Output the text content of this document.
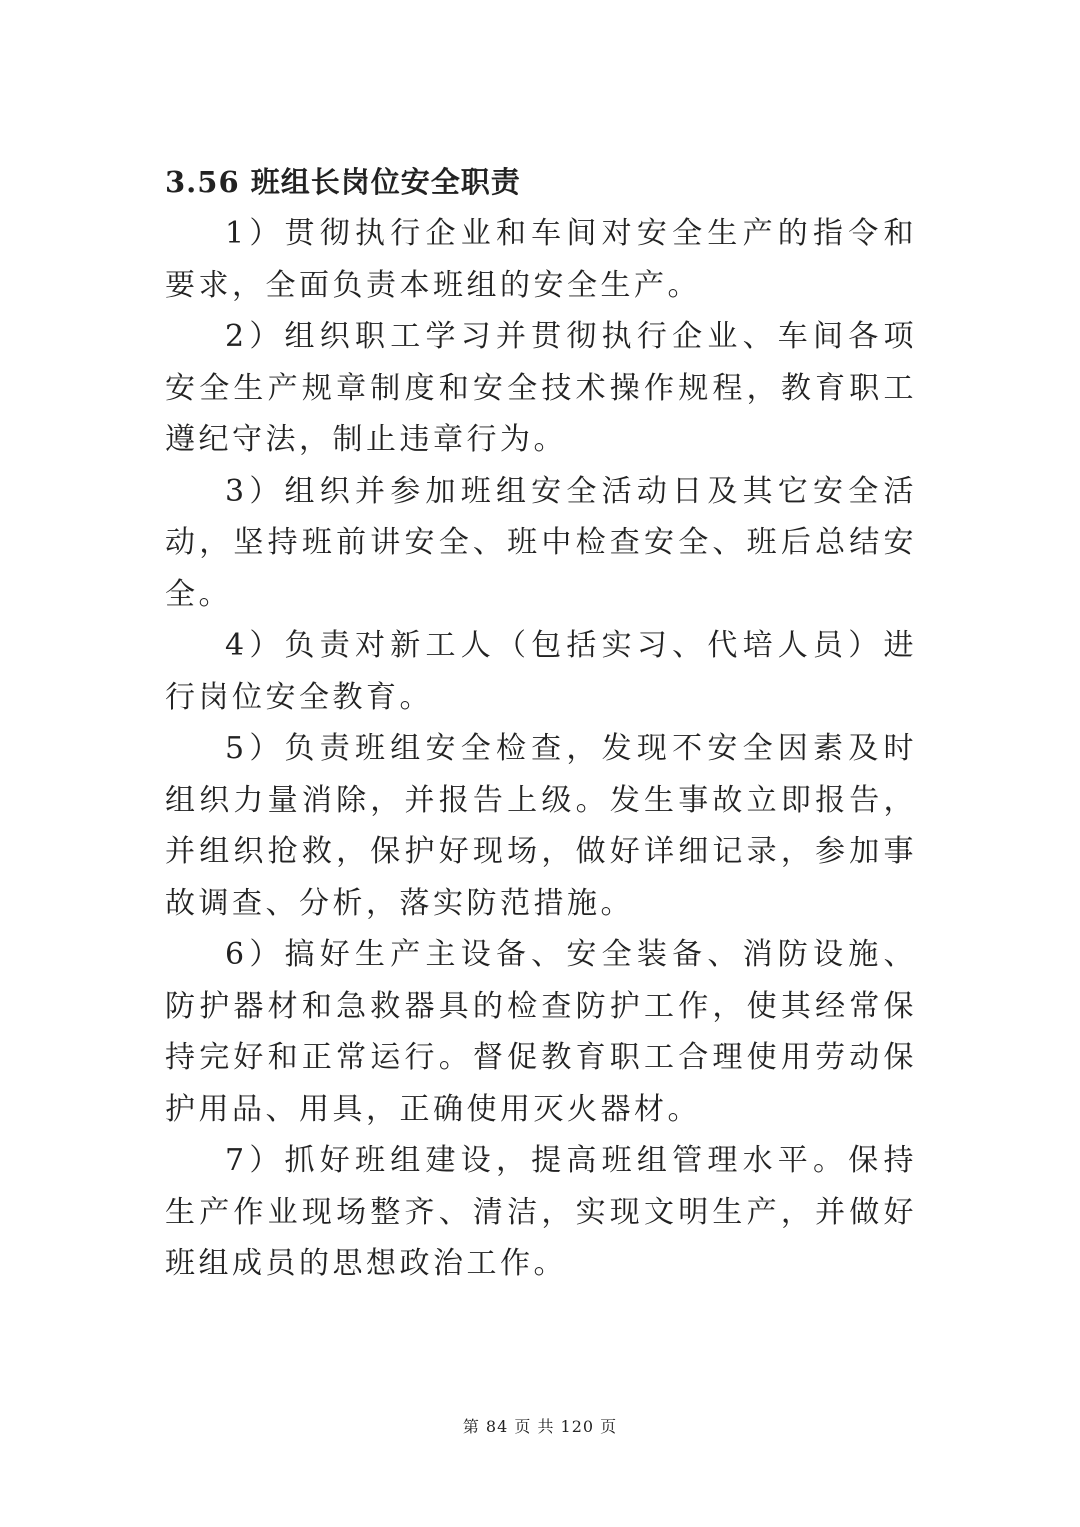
3.56 班组长岗位安全职责

1）贯彻执行企业和车间对安全生产的指令和要求，全面负责本班组的安全生产。

2）组织职工学习并贯彻执行企业、车间各项安全生产规章制度和安全技术操作规程，教育职工遵纪守法，制止违章行为。

3）组织并参加班组安全活动日及其它安全活动，坚持班前讲安全、班中检查安全、班后总结安全。

4）负责对新工人（包括实习、代培人员）进行岗位安全教育。

5）负责班组安全检查，发现不安全因素及时组织力量消除，并报告上级。发生事故立即报告，并组织抢救，保护好现场，做好详细记录，参加事故调查、分析，落实防范措施。

6）搞好生产主设备、安全装备、消防设施、防护器材和急救器具的检查防护工作，使其经常保持完好和正常运行。督促教育职工合理使用劳动保护用品、用具，正确使用灭火器材。

7）抓好班组建设，提高班组管理水平。保持生产作业现场整齐、清洁，实现文明生产，并做好班组成员的思想政治工作。

第 84 页 共 120 页
